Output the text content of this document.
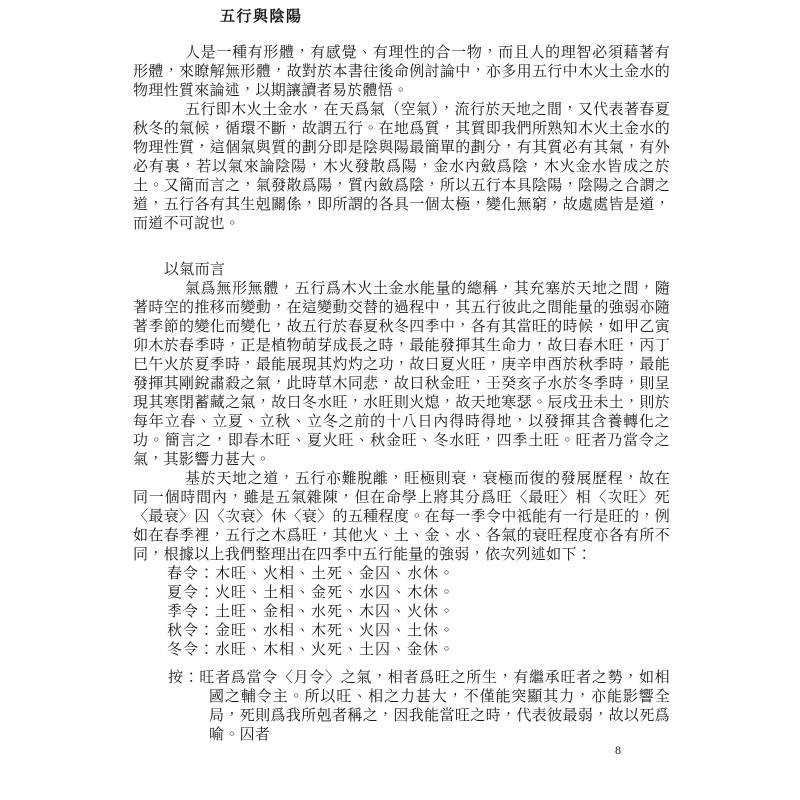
五行與陰陽

人是一種有形體，有感覺、有理性的合一物，而且人的理智必須藉著有形體，來瞭解無形體，故對於本書往後命例討論中，亦多用五行中木火土金水的物理性質來論述，以期讓讀者易於體悟。

五行即木火土金水，在天爲氣（空氣），流行於天地之間，又代表著春夏秋冬的氣候，循環不斷，故謂五行。在地爲質，其質即我們所熟知木火土金水的物理性質，這個氣與質的劃分即是陰與陽最簡單的劃分，有其質必有其氣，有外必有裏，若以氣來論陰陽，木火發散爲陽，金水內斂爲陰，木火金水皆成之於土。又簡而言之，氣發散爲陽，質內斂爲陰，所以五行本具陰陽，陰陽之合謂之道，五行各有其生剋關係，即所謂的各具一個太極，變化無窮，故處處皆是道，而道不可說也。

以氣而言

氣爲無形無體，五行爲木火土金水能量的總稱，其充塞於天地之間，隨著時空的推移而變動，在這變動交替的過程中，其五行彼此之間能量的強弱亦隨著季節的變化而變化，故五行於春夏秋冬四季中，各有其當旺的時候，如甲乙寅卯木於春季時，正是植物萌芽成長之時，最能發揮其生命力，故曰春木旺，丙丁巳午火於夏季時，最能展現其灼灼之功，故曰夏火旺，庚辛申酉於秋季時，最能發揮其剛銳肅殺之氣，此時草木同悲，故曰秋金旺，壬癸亥子水於冬季時，則呈現其寒閉蓄藏之氣，故曰冬水旺，水旺則火熄，故天地寒瑟。辰戌丑未土，則於每年立春、立夏、立秋、立冬之前的十八日內得時得地，以發揮其含養轉化之功。簡言之，即春木旺、夏火旺、秋金旺、冬水旺，四季土旺。旺者乃當令之氣，其影響力甚大。

基於天地之道，五行亦難脫離，旺極則衰，衰極而復的發展歷程，故在同一個時間內，雖是五氣雜陳，但在命學上將其分爲旺〈最旺〉相〈次旺〉死〈最衰〉囚〈次衰〉休〈衰〉的五種程度。在每一季令中祗能有一行是旺的，例如在春季裡，五行之木爲旺，其他火、土、金、水、各氣的衰旺程度亦各有所不同，根據以上我們整理出在四季中五行能量的強弱，依次列述如下：

春令：木旺、火相、土死、金囚、水休。
夏令：火旺、土相、金死、水囚、木休。
季令：土旺、金相、水死、木囚、火休。
秋令：金旺、水相、木死、火囚、土休。
冬令：水旺、木相、火死、土囚、金休。

按：旺者爲當令〈月令〉之氣，相者爲旺之所生，有繼承旺者之勢，如相國之輔令主。所以旺、相之力甚大，不僅能突顯其力，亦能影響全局，死則爲我所剋者稱之，因我能當旺之時，代表彼最弱，故以死爲喻。囚者

8
